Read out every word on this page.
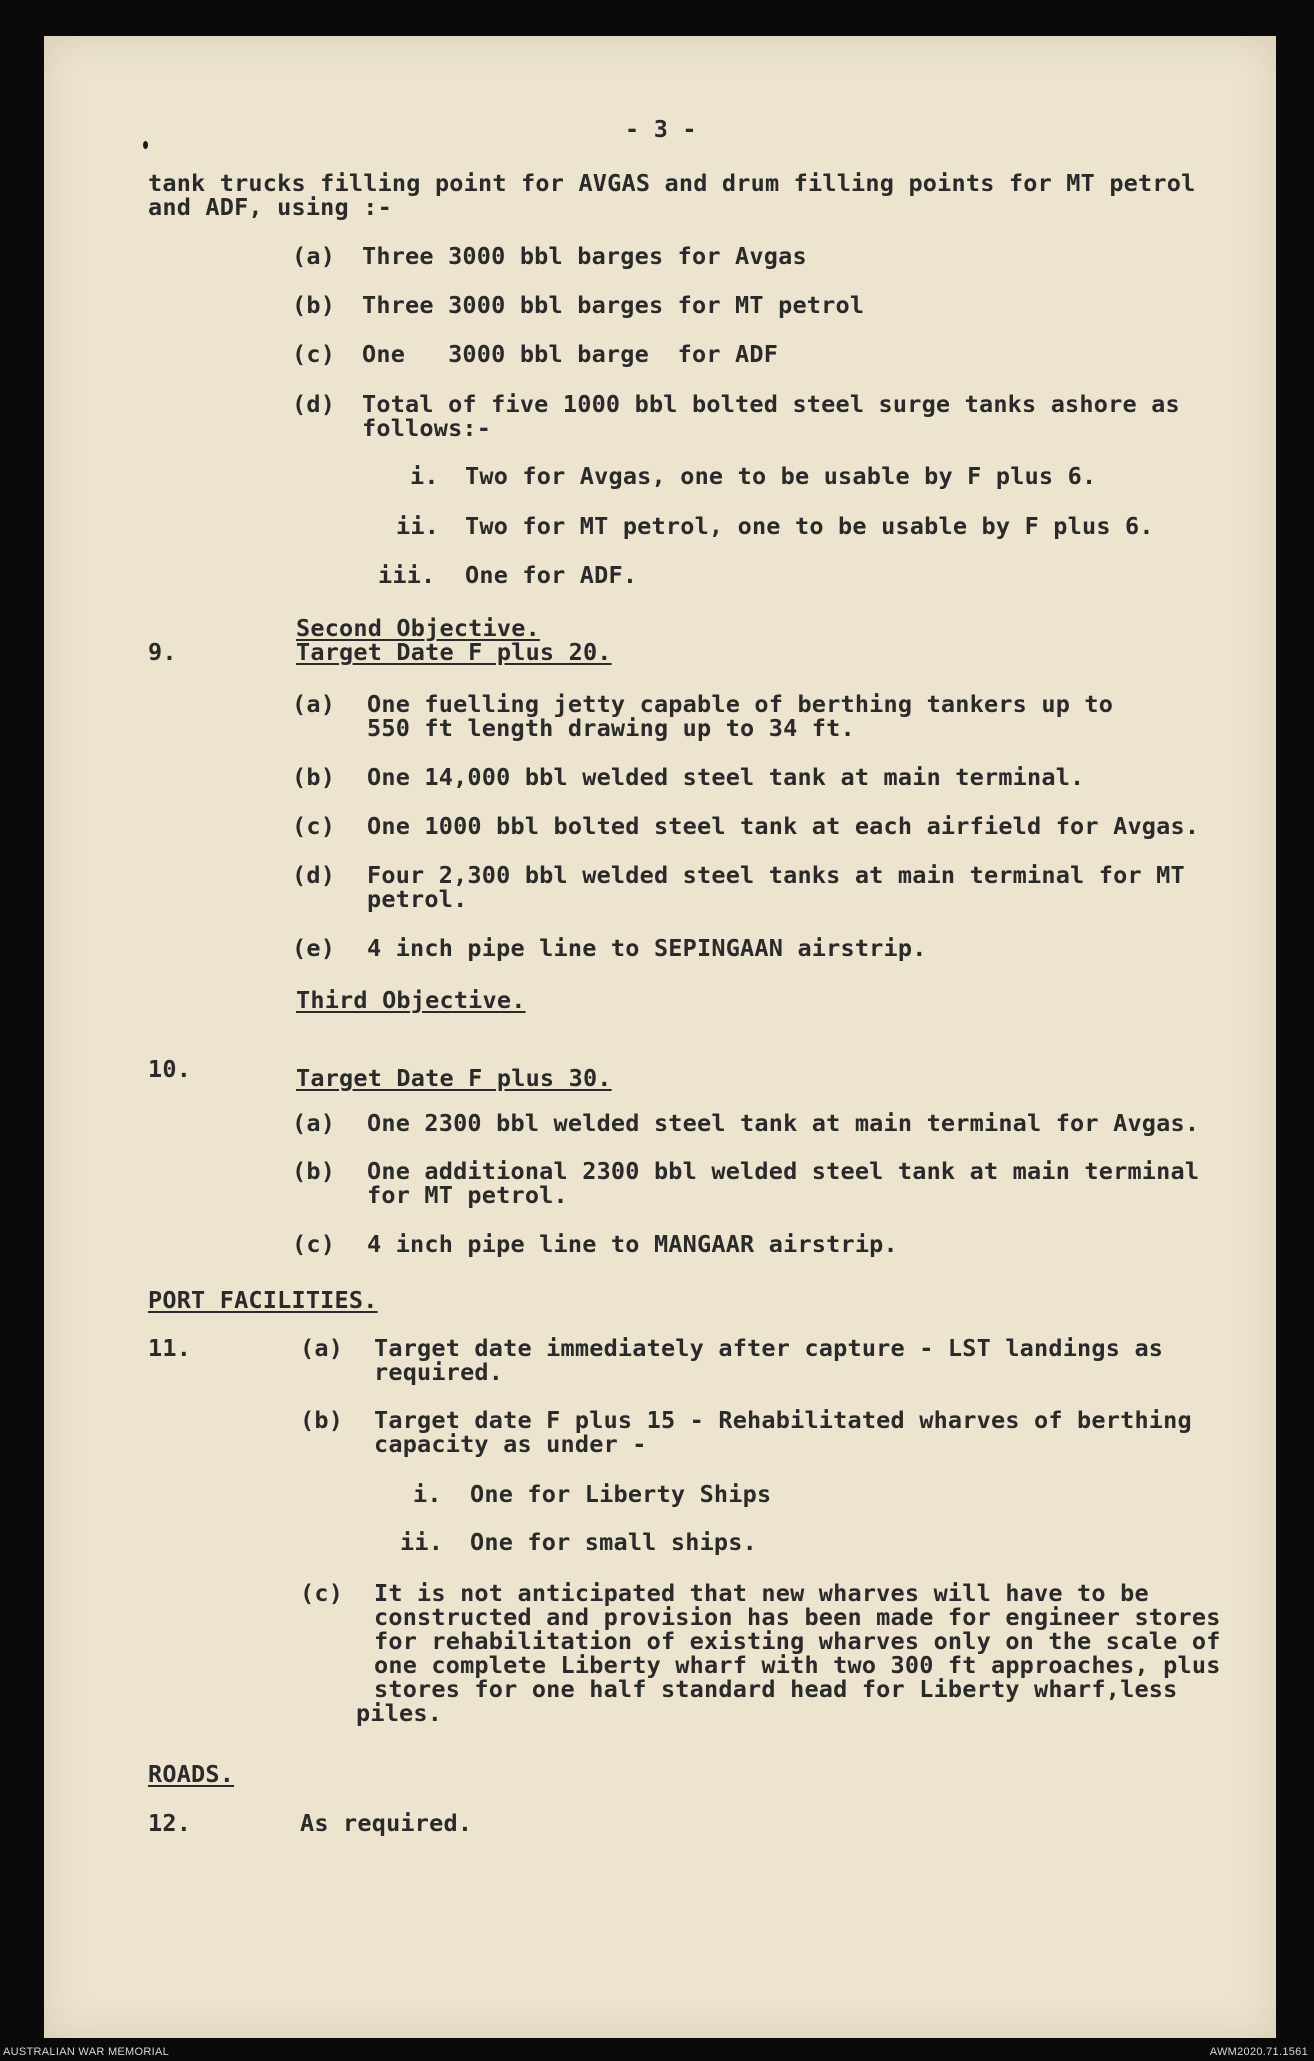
- 3 -
tank trucks filling point for AVGAS and drum filling points for MT petrol
and ADF, using :-
(a) Three 3000 bbl barges for Avgas
(b) Three 3000 bbl barges for MT petrol
(c) One   3000 bbl barge  for ADF
(d) Total of five 1000 bbl bolted steel surge tanks ashore as
follows:-
i. Two for Avgas, one to be usable by F plus 6.
ii. Two for MT petrol, one to be usable by F plus 6.
iii. One for ADF.
Second Objective.
9.	Target Date F plus 20.
(a) One fuelling jetty capable of berthing tankers up to
550 ft length drawing up to 34 ft.
(b) One 14,000 bbl welded steel tank at main terminal.
(c) One 1000 bbl bolted steel tank at each airfield for Avgas.
(d) Four 2,300 bbl welded steel tanks at main terminal for MT
petrol.
(e) 4 inch pipe line to SEPINGAAN airstrip.
Third Objective.
10.	Target Date F plus 30.
(a) One 2300 bbl welded steel tank at main terminal for Avgas.
(b) One additional 2300 bbl welded steel tank at main terminal
for MT petrol.
(c) 4 inch pipe line to MANGAAR airstrip.
PORT FACILITIES.
11.	(a) Target date immediately after capture - LST landings as
required.
(b) Target date F plus 15 - Rehabilitated wharves of berthing
capacity as under -
i. One for Liberty Ships
ii. One for small ships.
(c) It is not anticipated that new wharves will have to be
constructed and provision has been made for engineer stores
for rehabilitation of existing wharves only on the scale of
one complete Liberty wharf with two 300 ft approaches, plus
stores for one half standard head for Liberty wharf,less
piles.
ROADS.
12.	As required.
AUSTRALIAN WAR MEMORIAL	AWM2020.71.1561
